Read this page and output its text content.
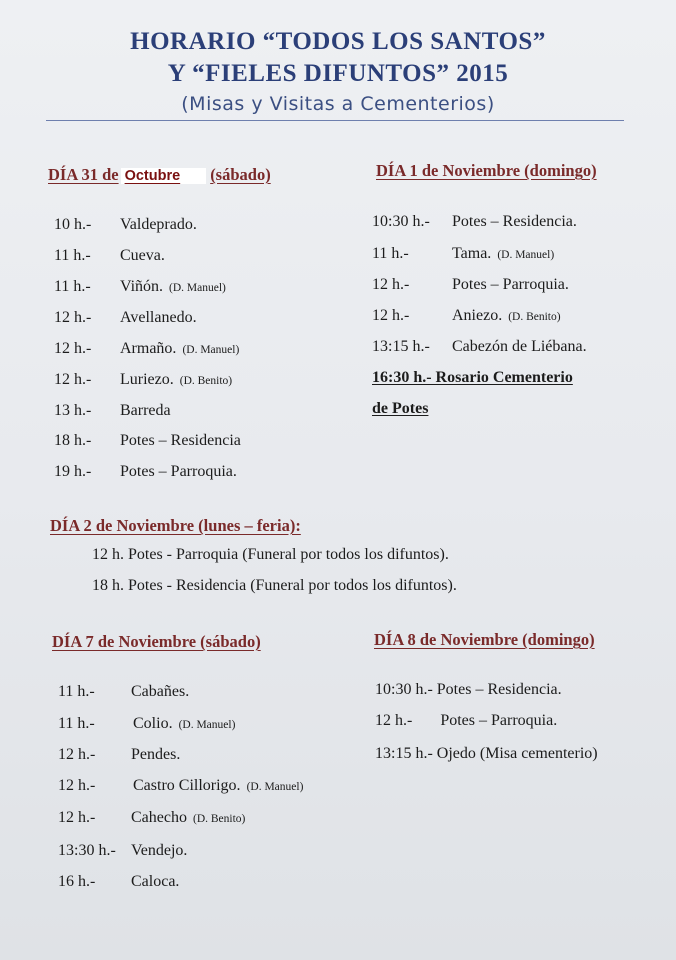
HORARIO “TODOS LOS SANTOS”
Y “FIELES DIFUNTOS” 2015
(Misas y Visitas a Cementerios)
DÍA 31 de Octubre (sábado)
10 h.- Valdeprado.
11 h.- Cueva.
11 h.- Viñón. (D. Manuel)
12 h.- Avellanedo.
12 h.- Armaño. (D. Manuel)
12 h.- Luriezo. (D. Benito)
13 h.- Barreda
18 h.- Potes – Residencia
19 h.- Potes – Parroquia.
DÍA 1 de Noviembre (domingo)
10:30 h.- Potes – Residencia.
11 h.-	Tama. (D. Manuel)
12 h.-	Potes – Parroquia.
12 h.-	Aniezo. (D. Benito)
13:15 h.- Cabezón de Liébana.
16:30 h.- Rosario Cementerio
de Potes
DÍA 2 de Noviembre (lunes – feria):
12 h. Potes - Parroquia (Funeral por todos los difuntos).
18 h. Potes - Residencia (Funeral por todos los difuntos).
DÍA 7 de Noviembre (sábado)
11 h.- Cabañes.
11 h.- Colio. (D. Manuel)
12 h.- Pendes.
12 h.- Castro Cillorigo. (D. Manuel)
12 h.- Cahecho (D. Benito)
13:30 h.- Vendejo.
16 h.- Caloca.
DÍA 8 de Noviembre (domingo)
10:30 h.- Potes – Residencia.
12 h.-       Potes – Parroquia.
13:15 h.- Ojedo (Misa cementerio)
